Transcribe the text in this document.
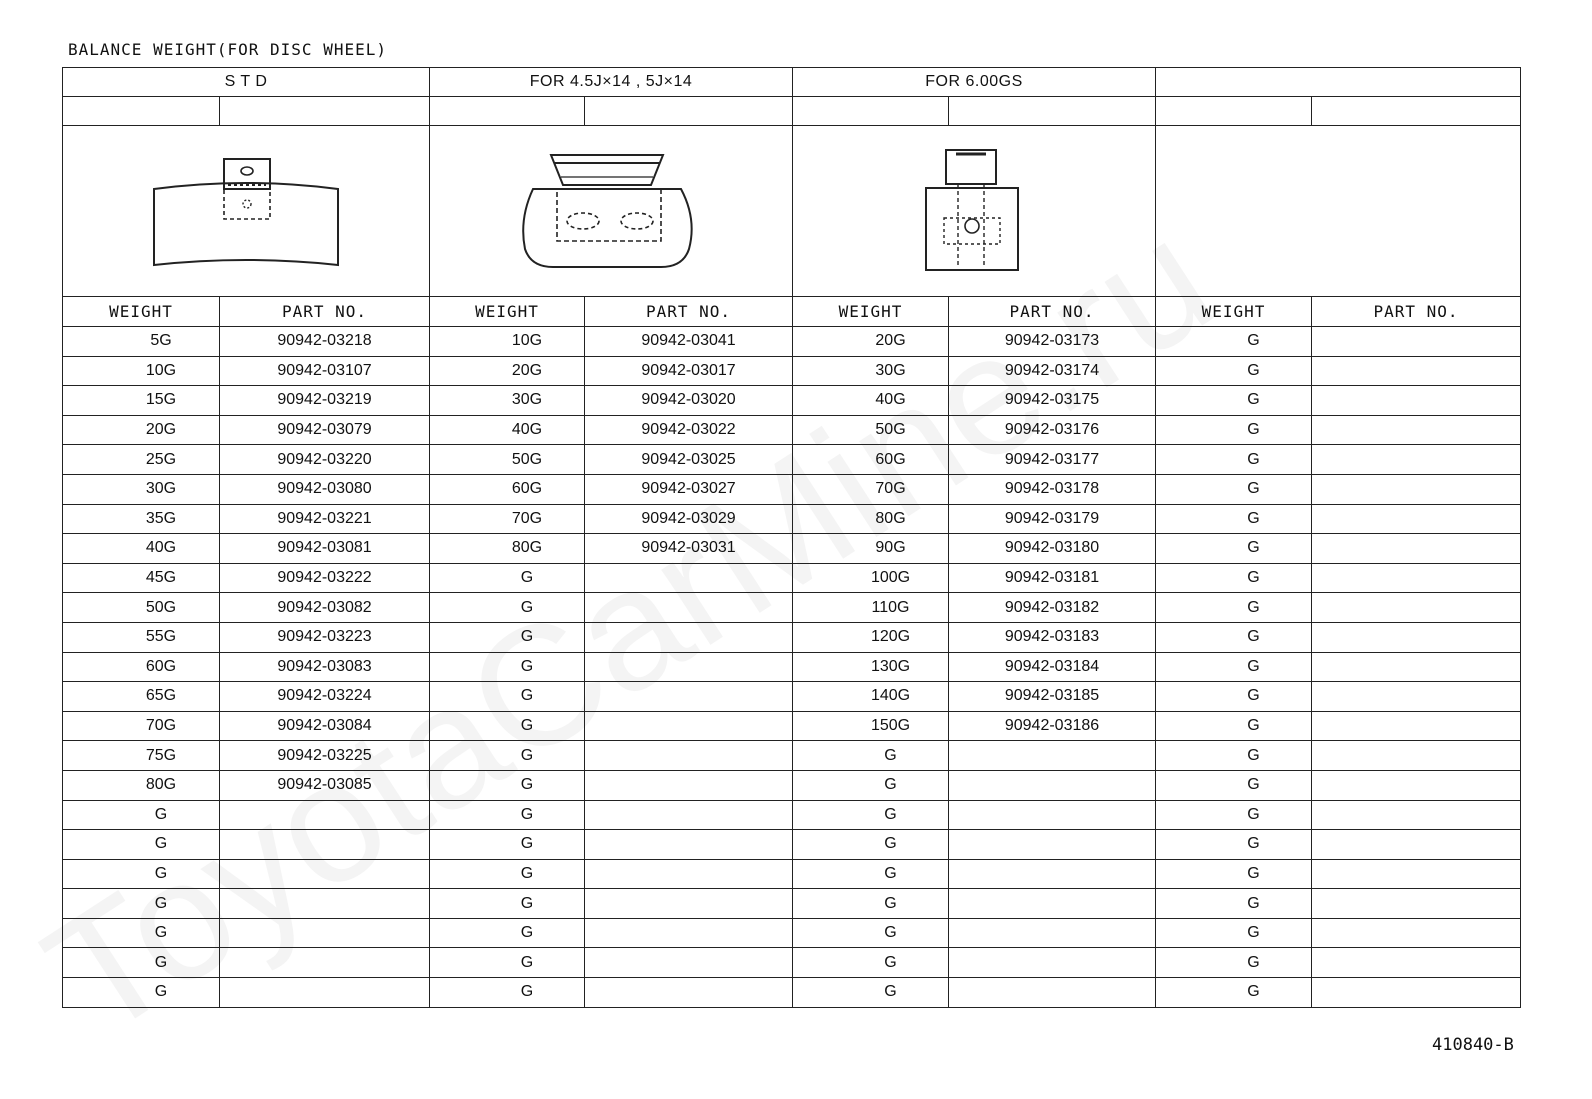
BALANCE WEIGHT(FOR DISC WHEEL)
S T D		FOR 4.5J×14 , 5J×14		FOR 6.00GS			

WEIGHT	PART NO.	WEIGHT	PART NO.	WEIGHT	PART NO.	WEIGHT	PART NO.
5G	90942-03218	10G	90942-03041	20G	90942-03173	G	
10G	90942-03107	20G	90942-03017	30G	90942-03174	G	
15G	90942-03219	30G	90942-03020	40G	90942-03175	G	
20G	90942-03079	40G	90942-03022	50G	90942-03176	G	
25G	90942-03220	50G	90942-03025	60G	90942-03177	G	
30G	90942-03080	60G	90942-03027	70G	90942-03178	G	
35G	90942-03221	70G	90942-03029	80G	90942-03179	G	
40G	90942-03081	80G	90942-03031	90G	90942-03180	G	
45G	90942-03222	G		100G	90942-03181	G	
50G	90942-03082	G		110G	90942-03182	G	
55G	90942-03223	G		120G	90942-03183	G	
60G	90942-03083	G		130G	90942-03184	G	
65G	90942-03224	G		140G	90942-03185	G	
70G	90942-03084	G		150G	90942-03186	G	
75G	90942-03225	G		G		G	
80G	90942-03085	G		G		G	
G		G		G		G	
G		G		G		G	
G		G		G		G	
G		G		G		G	
G		G		G		G	
G		G		G		G	
G		G		G		G	
410840-B
